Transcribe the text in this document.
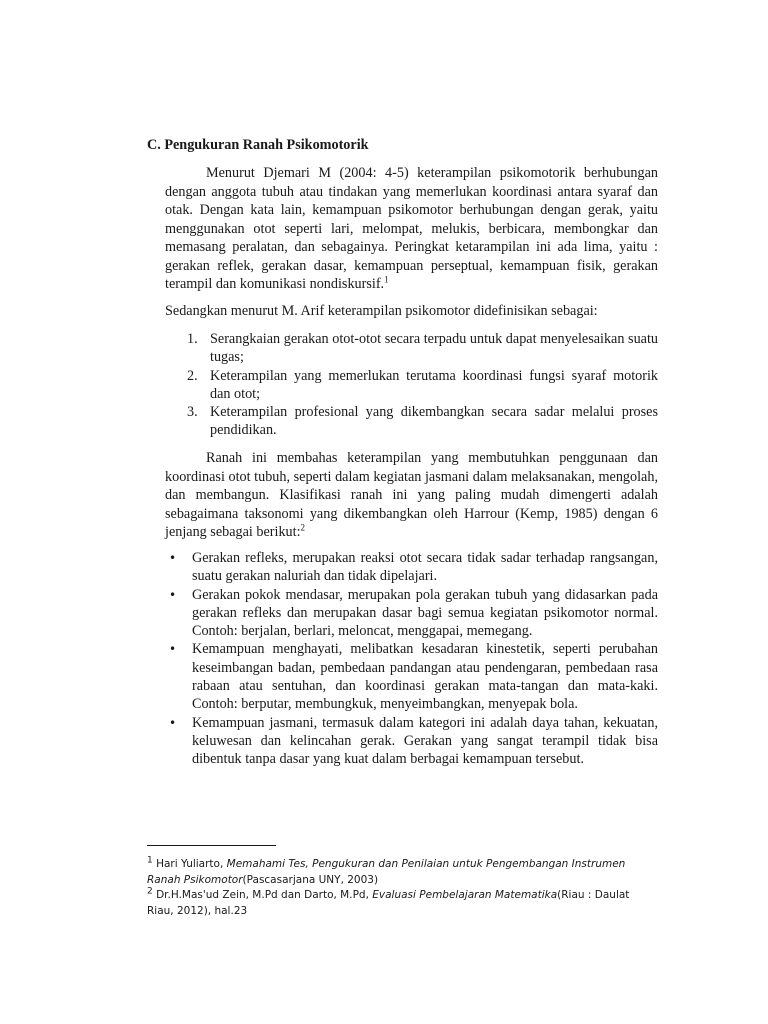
C. Pengukuran Ranah Psikomotorik

Menurut Djemari M (2004: 4-5) keterampilan psikomotorik berhubungan dengan anggota tubuh atau tindakan yang memerlukan koordinasi antara syaraf dan otak. Dengan kata lain, kemampuan psikomotor berhubungan dengan gerak, yaitu menggunakan otot seperti lari, melompat, melukis, berbicara, membongkar dan memasang peralatan, dan sebagainya. Peringkat ketarampilan ini ada lima, yaitu : gerakan reflek, gerakan dasar, kemampuan perseptual, kemampuan fisik, gerakan terampil dan komunikasi nondiskursif.$^1$

Sedangkan menurut M. Arif keterampilan psikomotor didefinisikan sebagai:

1. Serangkaian gerakan otot-otot secara terpadu untuk dapat menyelesaikan suatu tugas;
2. Keterampilan yang memerlukan terutama koordinasi fungsi syaraf motorik dan otot;
3. Keterampilan profesional yang dikembangkan secara sadar melalui proses pendidikan.

Ranah ini membahas keterampilan yang membutuhkan penggunaan dan koordinasi otot tubuh, seperti dalam kegiatan jasmani dalam melaksanakan, mengolah, dan membangun. Klasifikasi ranah ini yang paling mudah dimengerti adalah sebagaimana taksonomi yang dikembangkan oleh Harrour (Kemp, 1985) dengan 6 jenjang sebagai berikut:$^2$

• Gerakan refleks, merupakan reaksi otot secara tidak sadar terhadap rangsangan, suatu gerakan naluriah dan tidak dipelajari.
• Gerakan pokok mendasar, merupakan pola gerakan tubuh yang didasarkan pada gerakan refleks dan merupakan dasar bagi semua kegiatan psikomotor normal. Contoh: berjalan, berlari, meloncat, menggapai, memegang.
• Kemampuan menghayati, melibatkan kesadaran kinestetik, seperti perubahan keseimbangan badan, pembedaan pandangan atau pendengaran, pembedaan rasa rabaan atau sentuhan, dan koordinasi gerakan mata-tangan dan mata-kaki. Contoh: berputar, membungkuk, menyeimbangkan, menyepak bola.
• Kemampuan jasmani, termasuk dalam kategori ini adalah daya tahan, kekuatan, keluwesan dan kelincahan gerak. Gerakan yang sangat terampil tidak bisa dibentuk tanpa dasar yang kuat dalam berbagai kemampuan tersebut.

$^1$ Hari Yuliarto, Memahami Tes, Pengukuran dan Penilaian untuk Pengembangan Instrumen Ranah Psikomotor(Pascasarjana UNY, 2003)

$^2$ Dr.H.Mas'ud Zein, M.Pd dan Darto, M.Pd, Evaluasi Pembelajaran Matematika(Riau : Daulat Riau, 2012), hal.23
